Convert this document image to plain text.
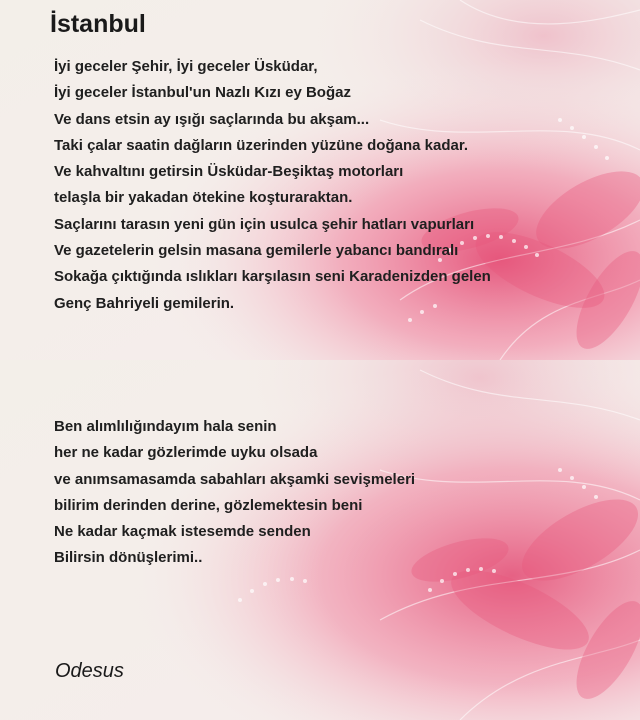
İstanbul
İyi geceler Şehir, İyi geceler Üsküdar,
İyi geceler İstanbul'un Nazlı Kızı ey Boğaz
Ve dans etsin ay ışığı saçlarında bu akşam...
Taki çalar saatin dağların üzerinden yüzüne doğana kadar.
Ve kahvaltını getirsin Üsküdar-Beşiktaş motorları
telaşla bir yakadan ötekine koşturaraktan.
Saçlarını tarasın yeni gün için usulca şehir hatları vapurları
Ve gazetelerin gelsin masana gemilerle yabancı bandıralı
Sokağa çıktığında ıslıkları karşılasın seni Karadenizden gelen
Genç Bahriyeli gemilerin.
Ben alımlılığındayım hala senin
her ne kadar gözlerimde uyku olsada
ve anımsamasamda sabahları akşamki sevişmeleri
bilirim derinden derine, gözlemektesin beni
Ne kadar kaçmak istesemde senden
Bilirsin dönüşlerimi..
Odesus
